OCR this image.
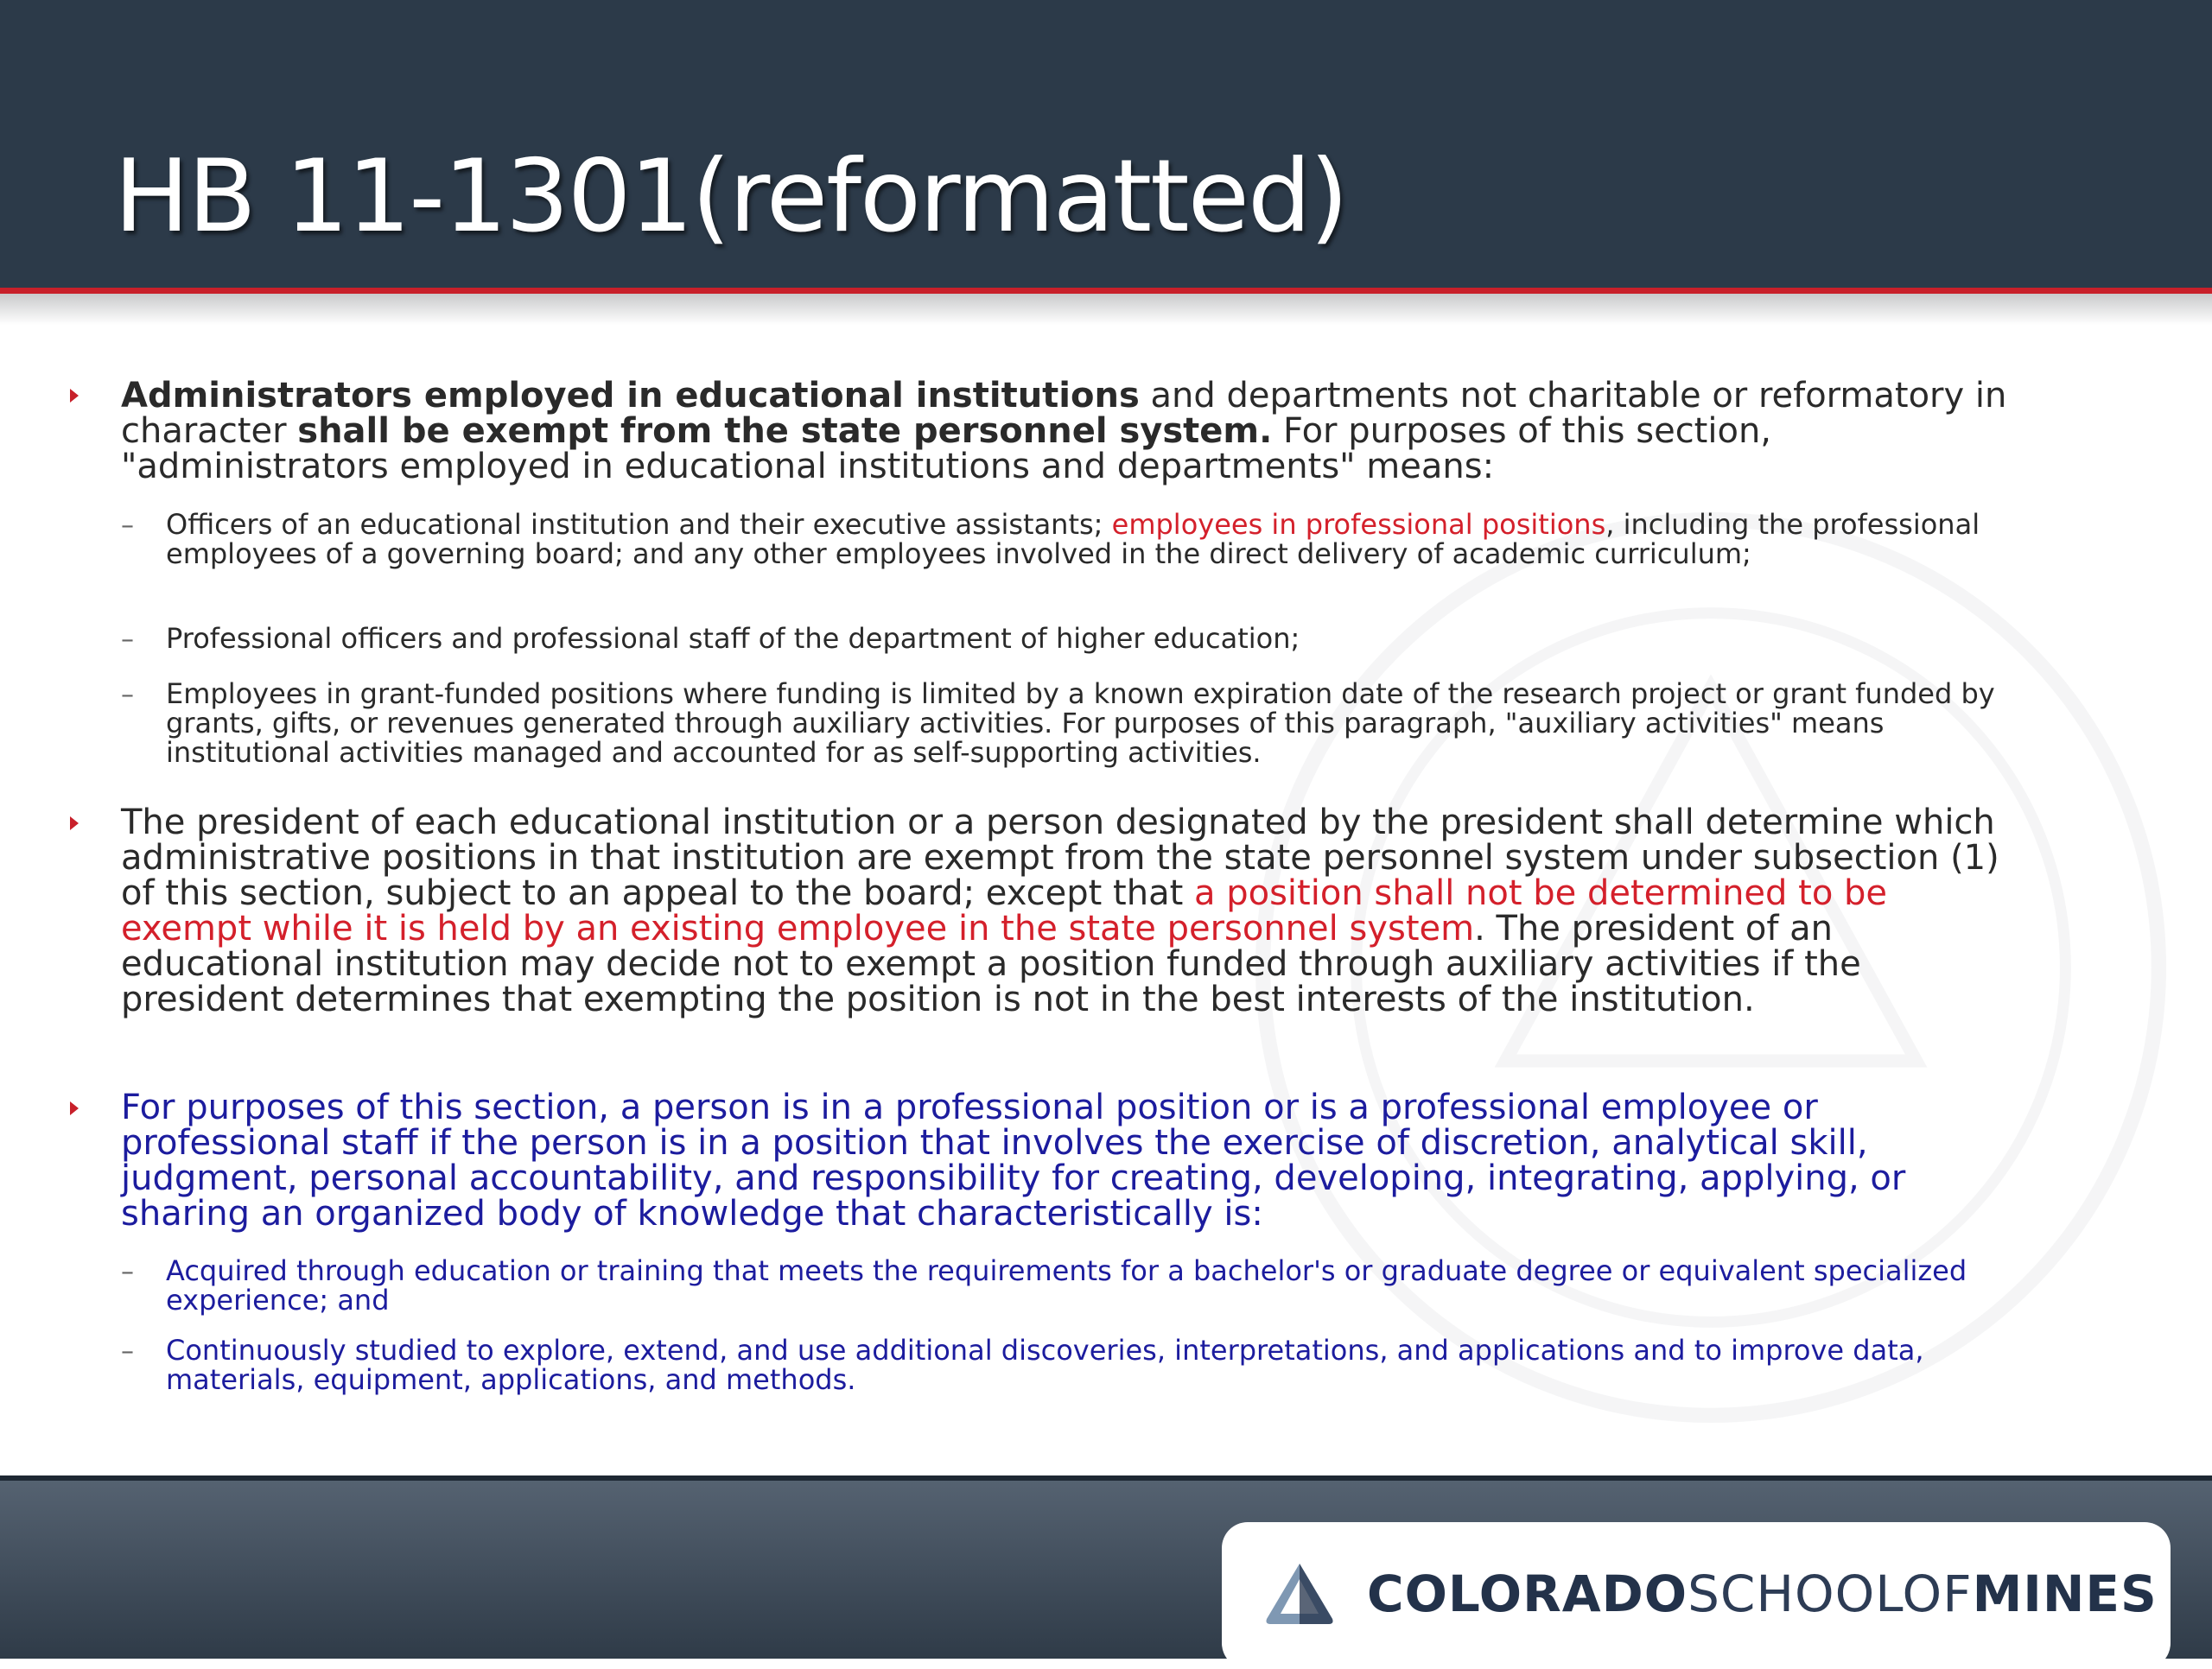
HB 11-1301(reformatted)

Administrators employed in educational institutions and departments not charitable or reformatory in character shall be exempt from the state personnel system. For purposes of this section, "administrators employed in educational institutions and departments" means:

– Officers of an educational institution and their executive assistants; employees in professional positions, including the professional employees of a governing board; and any other employees involved in the direct delivery of academic curriculum;

– Professional officers and professional staff of the department of higher education;

– Employees in grant-funded positions where funding is limited by a known expiration date of the research project or grant funded by grants, gifts, or revenues generated through auxiliary activities. For purposes of this paragraph, "auxiliary activities" means institutional activities managed and accounted for as self-supporting activities.

The president of each educational institution or a person designated by the president shall determine which administrative positions in that institution are exempt from the state personnel system under subsection (1) of this section, subject to an appeal to the board; except that a position shall not be determined to be exempt while it is held by an existing employee in the state personnel system. The president of an educational institution may decide not to exempt a position funded through auxiliary activities if the president determines that exempting the position is not in the best interests of the institution.

For purposes of this section, a person is in a professional position or is a professional employee or professional staff if the person is in a position that involves the exercise of discretion, analytical skill, judgment, personal accountability, and responsibility for creating, developing, integrating, applying, or sharing an organized body of knowledge that characteristically is:

– Acquired through education or training that meets the requirements for a bachelor's or graduate degree or equivalent specialized experience; and

– Continuously studied to explore, extend, and use additional discoveries, interpretations, and applications and to improve data, materials, equipment, applications, and methods.

COLORADOSCHOOLOFMINES
